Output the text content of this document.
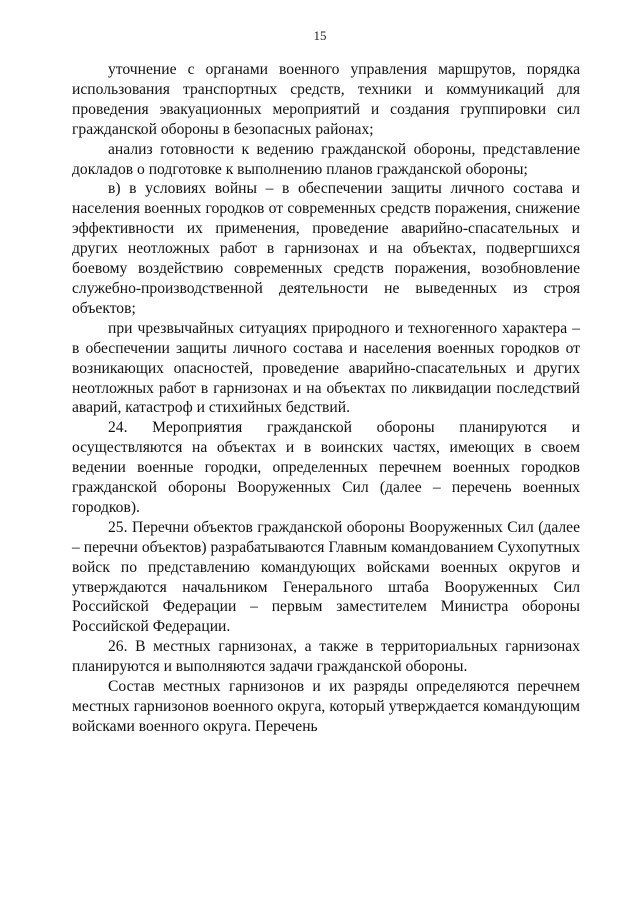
15

уточнение с органами военного управления маршрутов, порядка использования транспортных средств, техники и коммуникаций для проведения эвакуационных мероприятий и создания группировки сил гражданской обороны в безопасных районах;

анализ готовности к ведению гражданской обороны, представление докладов о подготовке к выполнению планов гражданской обороны;

в) в условиях войны – в обеспечении защиты личного состава и населения военных городков от современных средств поражения, снижение эффективности их применения, проведение аварийно-спасательных и других неотложных работ в гарнизонах и на объектах, подвергшихся боевому воздействию современных средств поражения, возобновление служебно-производственной деятельности не выведенных из строя объектов;

при чрезвычайных ситуациях природного и техногенного характера – в обеспечении защиты личного состава и населения военных городков от возникающих опасностей, проведение аварийно-спасательных и других неотложных работ в гарнизонах и на объектах по ликвидации последствий аварий, катастроф и стихийных бедствий.

24. Мероприятия гражданской обороны планируются и осуществляются на объектах и в воинских частях, имеющих в своем ведении военные городки, определенных перечнем военных городков гражданской обороны Вооруженных Сил (далее – перечень военных городков).

25. Перечни объектов гражданской обороны Вооруженных Сил (далее – перечни объектов) разрабатываются Главным командованием Сухопутных войск по представлению командующих войсками военных округов и утверждаются начальником Генерального штаба Вооруженных Сил Российской Федерации – первым заместителем Министра обороны Российской Федерации.

26. В местных гарнизонах, а также в территориальных гарнизонах планируются и выполняются задачи гражданской обороны.

Состав местных гарнизонов и их разряды определяются перечнем местных гарнизонов военного округа, который утверждается командующим войсками военного округа. Перечень
